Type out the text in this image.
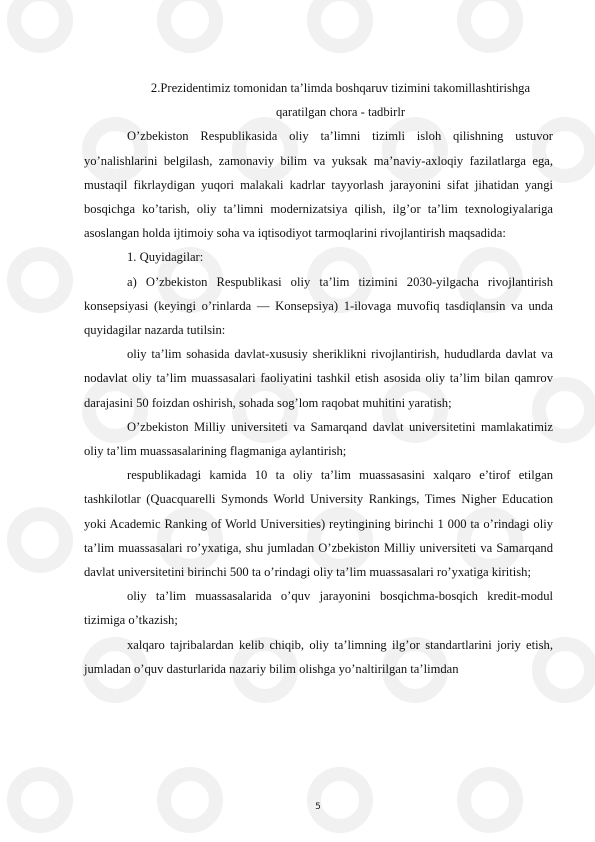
2.Prezidentimiz tomonidan ta’limda boshqaruv tizimini takomillashtirishga qaratilgan chora - tadbirlr

O’zbekiston Respublikasida oliy ta’limni tizimli isloh qilishning ustuvor yo’nalishlarini belgilash, zamonaviy bilim va yuksak ma’naviy-axloqiy fazilatlarga ega, mustaqil fikrlaydigan yuqori malakali kadrlar tayyorlash jarayonini sifat jihatidan yangi bosqichga ko’tarish, oliy ta’limni modernizatsiya qilish, ilg’or ta’lim texnologiyalariga asoslangan holda ijtimoiy soha va iqtisodiyot tarmoqlarini rivojlantirish maqsadida:

1. Quyidagilar:

a) O’zbekiston Respublikasi oliy ta’lim tizimini 2030-yilgacha rivojlantirish konsepsiyasi (keyingi o’rinlarda — Konsepsiya) 1-ilovaga muvofiq tasdiqlansin va unda quyidagilar nazarda tutilsin:

oliy ta’lim sohasida davlat-xususiy sheriklikni rivojlantirish, hududlarda davlat va nodavlat oliy ta’lim muassasalari faoliyatini tashkil etish asosida oliy ta’lim bilan qamrov darajasini 50 foizdan oshirish, sohada sog’lom raqobat muhitini yaratish;

O’zbekiston Milliy universiteti va Samarqand davlat universitetini mamlakatimiz oliy ta’lim muassasalarining flagmaniga aylantirish;

respublikadagi kamida 10 ta oliy ta’lim muassasasini xalqaro e’tirof etilgan tashkilotlar (Quacquarelli Symonds World University Rankings, Times Nigher Education yoki Academic Ranking of World Universities) reytingining birinchi 1 000 ta o’rindagi oliy ta’lim muassasalari ro’yxatiga, shu jumladan O’zbekiston Milliy universiteti va Samarqand davlat universitetini birinchi 500 ta o’rindagi oliy ta’lim muassasalari ro’yxatiga kiritish;

oliy ta’lim muassasalarida o’quv jarayonini bosqichma-bosqich kredit-modul tizimiga o’tkazish;

xalqaro tajribalardan kelib chiqib, oliy ta’limning ilg’or standartlarini joriy etish, jumladan o’quv dasturlarida nazariy bilim olishga yo’naltirilgan ta’limdan

5
